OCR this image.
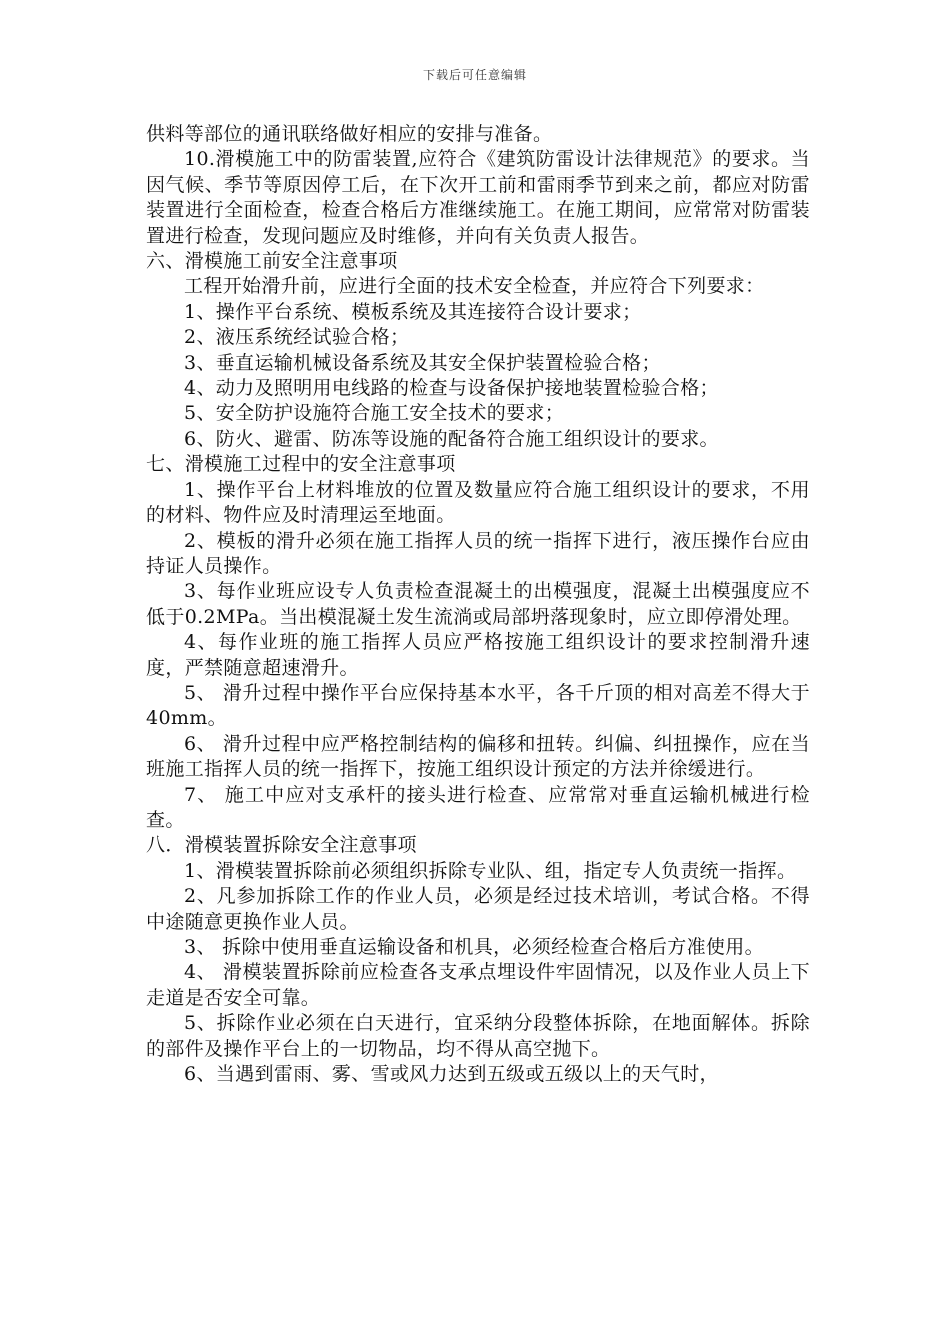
下载后可任意编辑

供料等部位的通讯联络做好相应的安排与准备。

10.滑模施工中的防雷装置,应符合《建筑防雷设计法律规范》的要求。当因气候、季节等原因停工后，在下次开工前和雷雨季节到来之前，都应对防雷装置进行全面检查，检查合格后方准继续施工。在施工期间，应常常对防雷装置进行检查，发现问题应及时维修，并向有关负责人报告。

六、滑模施工前安全注意事项

工程开始滑升前，应进行全面的技术安全检查，并应符合下列要求：

1、操作平台系统、模板系统及其连接符合设计要求；

2、液压系统经试验合格；

3、垂直运输机械设备系统及其安全保护装置检验合格；

4、动力及照明用电线路的检查与设备保护接地装置检验合格；

5、安全防护设施符合施工安全技术的要求；

6、防火、避雷、防冻等设施的配备符合施工组织设计的要求。

七、滑模施工过程中的安全注意事项

1、操作平台上材料堆放的位置及数量应符合施工组织设计的要求，不用的材料、物件应及时清理运至地面。

2、模板的滑升必须在施工指挥人员的统一指挥下进行，液压操作台应由持证人员操作。

3、每作业班应设专人负责检查混凝土的出模强度，混凝土出模强度应不低于0.2MPa。当出模混凝土发生流淌或局部坍落现象时，应立即停滑处理。

4、每作业班的施工指挥人员应严格按施工组织设计的要求控制滑升速度，严禁随意超速滑升。

5、 滑升过程中操作平台应保持基本水平，各千斤顶的相对高差不得大于40mm。

6、 滑升过程中应严格控制结构的偏移和扭转。纠偏、纠扭操作，应在当班施工指挥人员的统一指挥下，按施工组织设计预定的方法并徐缓进行。

7、 施工中应对支承杆的接头进行检查、应常常对垂直运输机械进行检查。

八．滑模装置拆除安全注意事项

1、滑模装置拆除前必须组织拆除专业队、组，指定专人负责统一指挥。

2、凡参加拆除工作的作业人员，必须是经过技术培训，考试合格。不得中途随意更换作业人员。

3、 拆除中使用垂直运输设备和机具，必须经检查合格后方准使用。

4、 滑模装置拆除前应检查各支承点埋设件牢固情况，以及作业人员上下走道是否安全可靠。

5、拆除作业必须在白天进行，宜采纳分段整体拆除，在地面解体。拆除的部件及操作平台上的一切物品，均不得从高空抛下。

6、当遇到雷雨、雾、雪或风力达到五级或五级以上的天气时，
